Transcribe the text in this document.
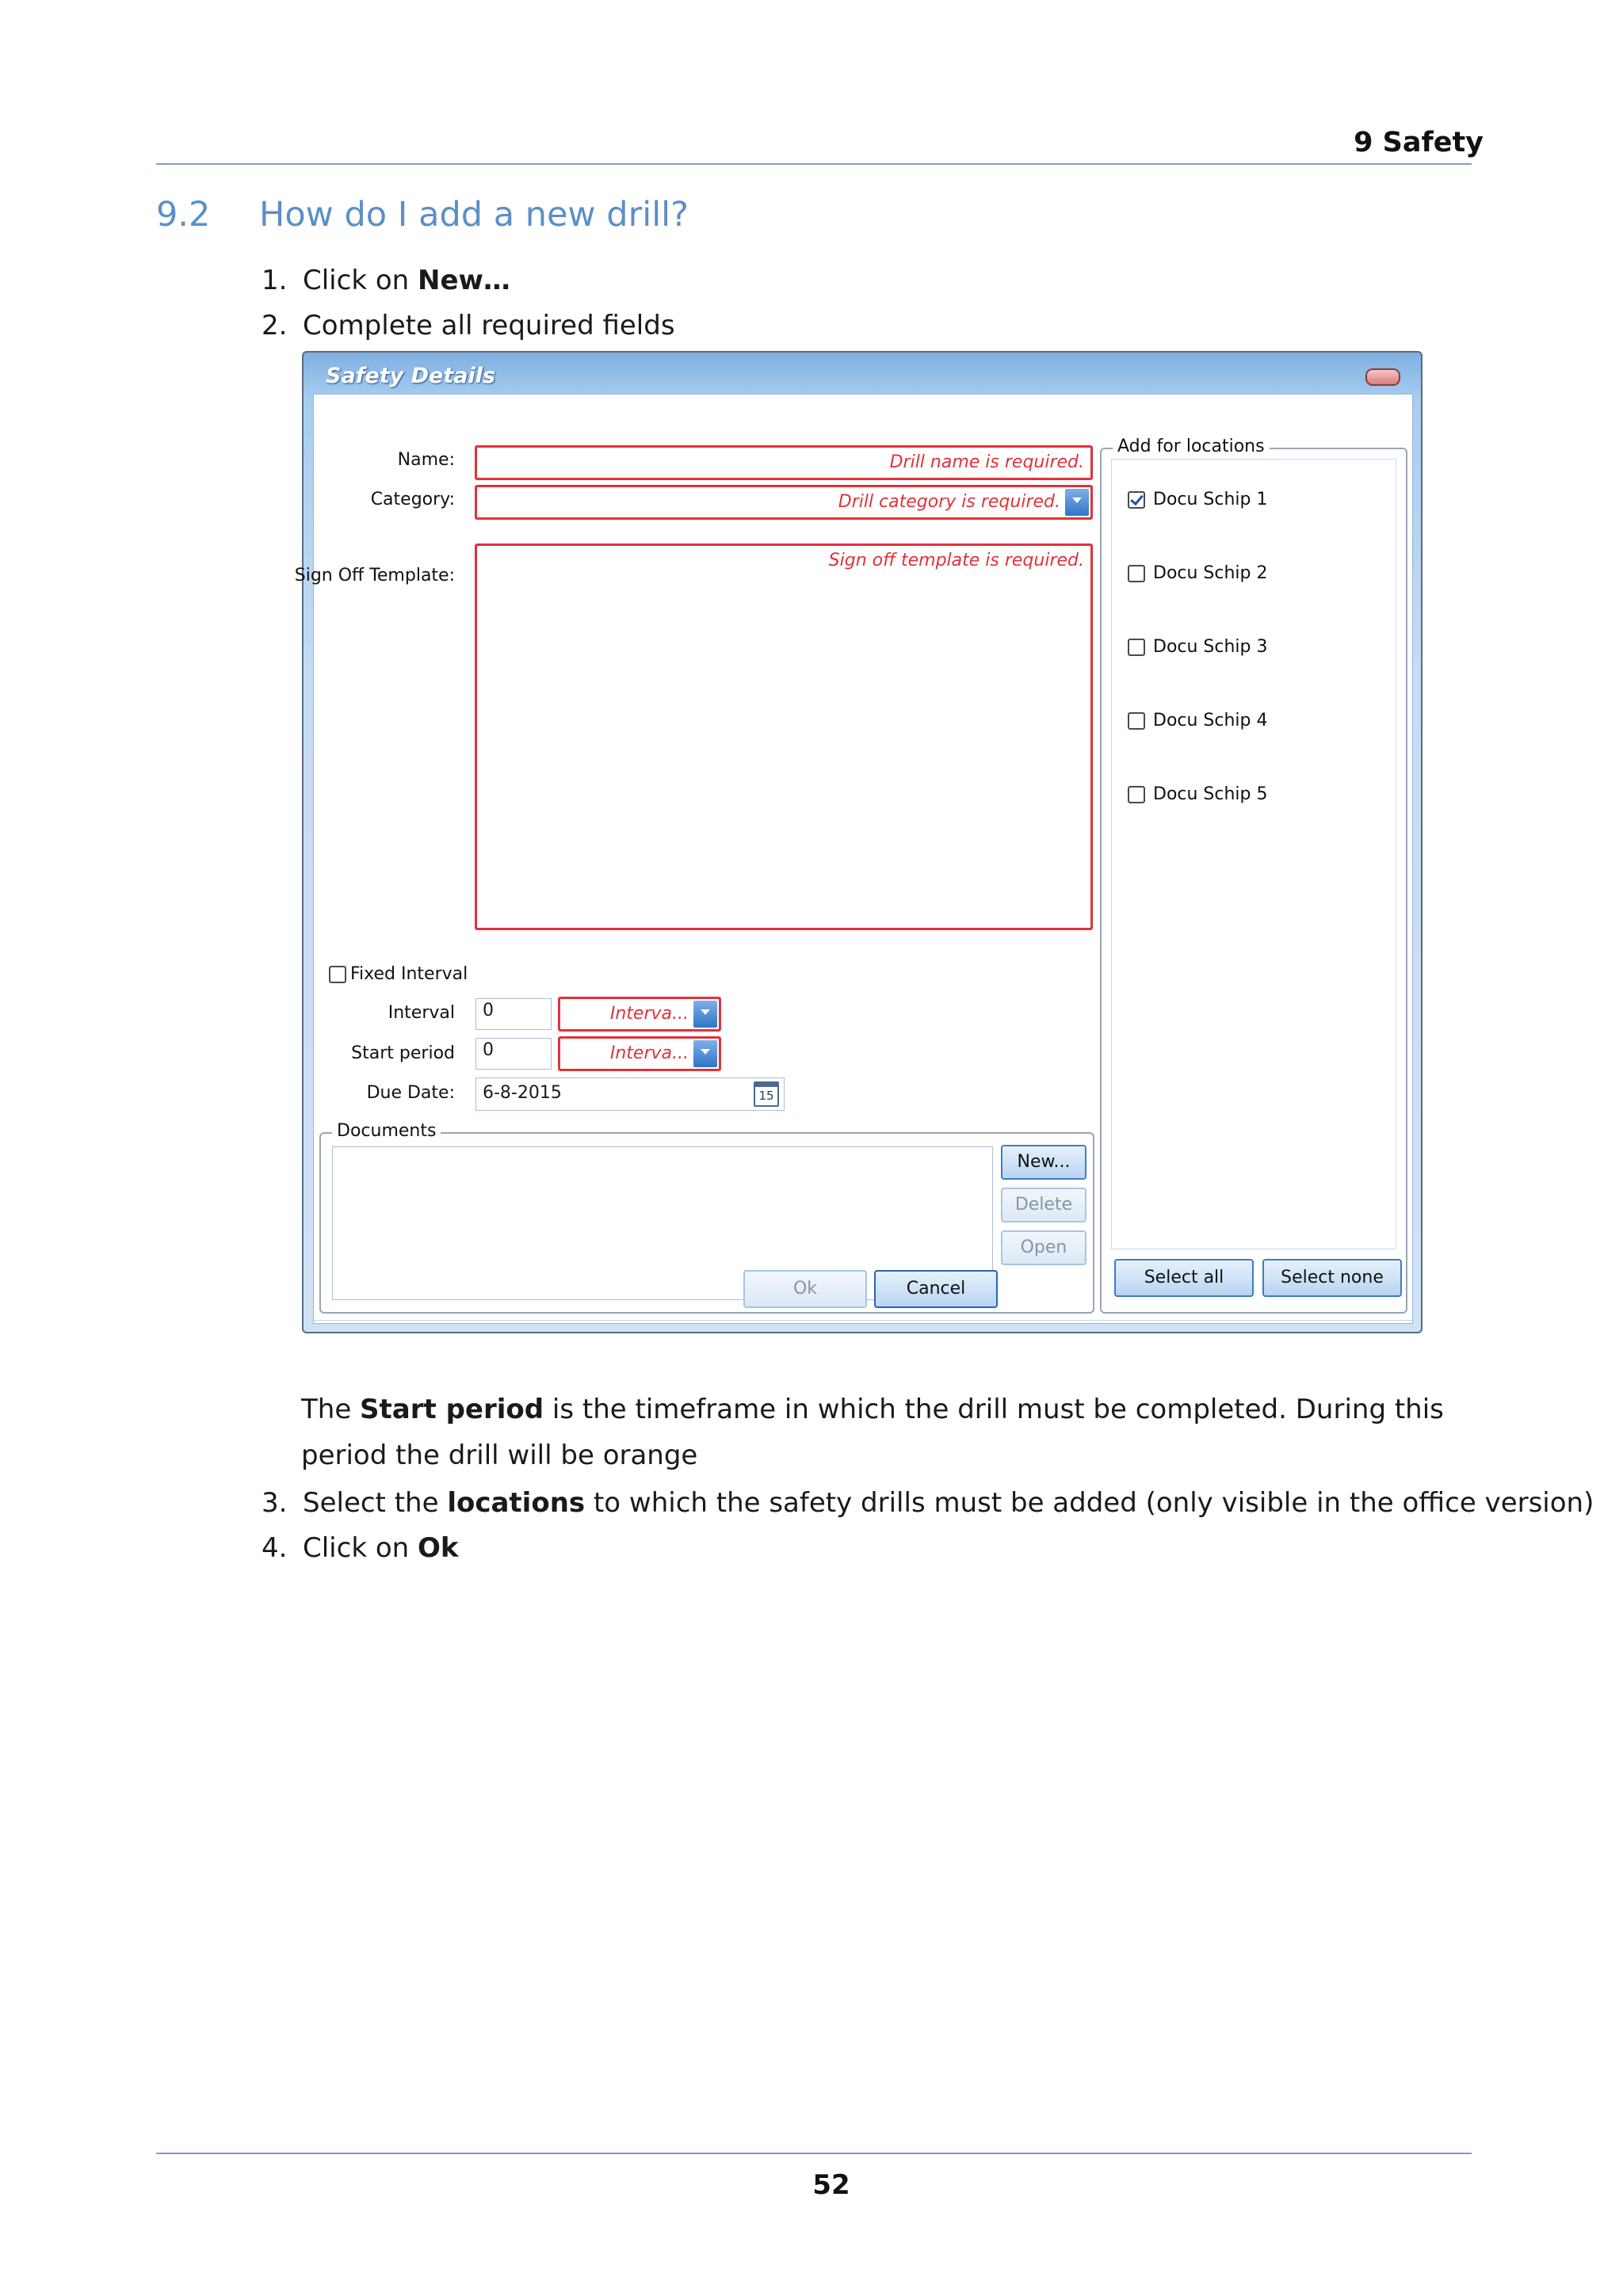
9 Safety
9.2 How do I add a new drill?
1. Click on New…
2. Complete all required fields
Safety Details
Name:	Drill name is required.
Category:	Drill category is required.
Sign Off Template:
Sign off template is required.
Fixed Interval
Interval	0	Interva...
Start period	0	Interva...
Due Date:	6-8-2015	15
Documents
New...
Delete
Open
Add for locations
Docu Schip 1
Docu Schip 2
Docu Schip 3
Docu Schip 4
Docu Schip 5
Select all	Select none
Ok	Cancel
The Start period is the timeframe in which the drill must be completed. During this period the drill will be orange
3. Select the locations to which the safety drills must be added (only visible in the office version)
4. Click on Ok
52
